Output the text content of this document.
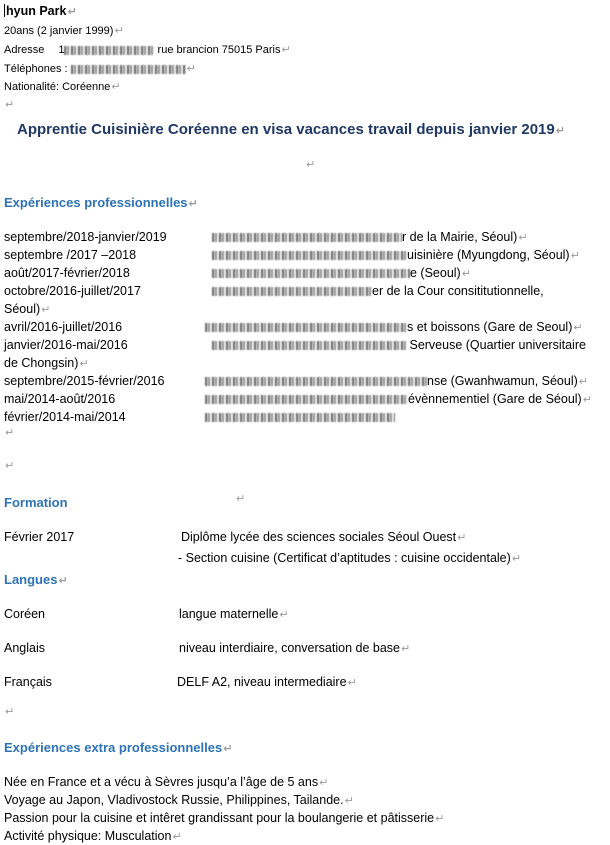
hyun Park↵
20ans (2 janvier 1999)↵
Adresse 1	rue brancion 75015 Paris↵
Téléphones :	↵
Nationalité: Coréenne↵
↵
Apprentie Cuisinière Coréenne en visa vacances travail depuis janvier 2019↵
↵
Expériences professionnelles↵
septembre/2018-janvier/2019	r de la Mairie, Séoul)↵
septembre /2017 –2018	uisinière (Myungdong, Séoul)↵
août/2017-février/2018	e (Seoul)↵
octobre/2016-juillet/2017	er de la Cour consititutionnelle,
Séoul)↵
avril/2016-juillet/2016	s et boissons (Gare de Seoul)↵
janvier/2016-mai/2016	Serveuse (Quartier universitaire
de Chongsin)↵
septembre/2015-février/2016	nse (Gwanhwamun, Séoul)↵
mai/2014-août/2016	évènnementiel (Gare de Séoul)↵
février/2014-mai/2014
↵
↵
Formation	↵
Février 2017	Diplôme lycée des sciences sociales Séoul Ouest↵
- Section cuisine (Certificat d’aptitudes : cuisine occidentale)↵
Langues↵
Coréen	langue maternelle↵
Anglais	niveau interdiaire, conversation de base↵
Français	DELF A2, niveau intermediaire↵
↵
Expériences extra professionnelles↵
Née en France et a vécu à Sèvres jusqu’a l’âge de 5 ans↵
Voyage au Japon, Vladivostock Russie, Philippines, Tailande.↵
Passion pour la cuisine et intêret grandissant pour la boulangerie et pâtisserie↵
Activité physique: Musculation↵
